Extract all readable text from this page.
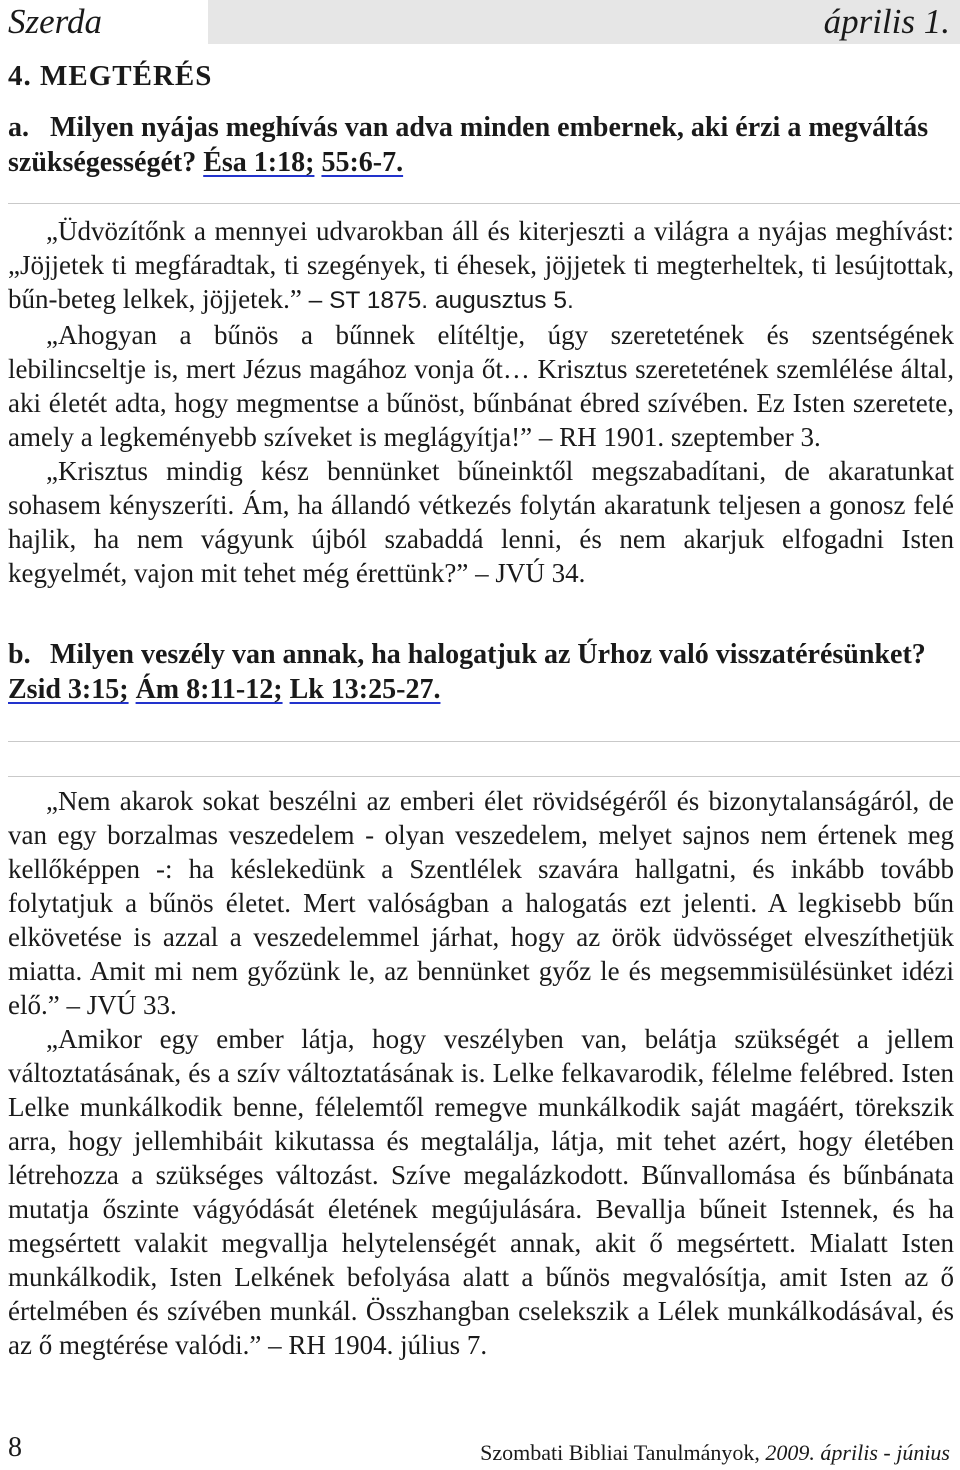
Szerda	április 1.
4. MEGTÉRÉS
a. Milyen nyájas meghívás van adva minden embernek, aki érzi a megváltás szükségességét? Ésa 1:18; 55:6-7.

„Üdvözítőnk a mennyei udvarokban áll és kiterjeszti a világra a nyájas meghívást: „Jöjjetek ti megfáradtak, ti szegények, ti éhesek, jöjjetek ti megterheltek, ti lesújtottak, bűn-beteg lelkek, jöjjetek.” – ST 1875. augusztus 5.

„Ahogyan a bűnös a bűnnek elítéltje, úgy szeretetének és szentségének lebilincseltje is, mert Jézus magához vonja őt… Krisztus szeretetének szemlélése által, aki életét adta, hogy megmentse a bűnöst, bűnbánat ébred szívében. Ez Isten szeretete, amely a legkeményebb szíveket is meglágyítja!” – RH 1901. szeptember 3.

„Krisztus mindig kész bennünket bűneinktől megszabadítani, de akaratunkat sohasem kényszeríti. Ám, ha állandó vétkezés folytán akaratunk teljesen a gonosz felé hajlik, ha nem vágyunk újból szabaddá lenni, és nem akarjuk elfogadni Isten kegyelmét, vajon mit tehet még érettünk?” – JVÚ 34.

b. Milyen veszély van annak, ha halogatjuk az Úrhoz való visszatérésünket? Zsid 3:15; Ám 8:11-12; Lk 13:25-27.

„Nem akarok sokat beszélni az emberi élet rövidségéről és bizonytalanságáról, de van egy borzalmas veszedelem - olyan veszedelem, melyet sajnos nem értenek meg kellőképpen -: ha késlekedünk a Szentlélek szavára hallgatni, és inkább tovább folytatjuk a bűnös életet. Mert valóságban a halogatás ezt jelenti. A legkisebb bűn elkövetése is azzal a veszedelemmel járhat, hogy az örök üdvösséget elveszíthetjük miatta. Amit mi nem győzünk le, az bennünket győz le és megsemmisülésünket idézi elő.” – JVÚ 33.

„Amikor egy ember látja, hogy veszélyben van, belátja szükségét a jellem változtatásának, és a szív változtatásának is. Lelke felkavarodik, félelme felébred. Isten Lelke munkálkodik benne, félelemtől remegve munkálkodik saját magáért, törekszik arra, hogy jellemhibáit kikutassa és megtalálja, látja, mit tehet azért, hogy életében létrehozza a szükséges változást. Szíve megalázkodott. Bűnvallomása és bűnbánata mutatja őszinte vágyódását életének megújulására. Bevallja bűneit Istennek, és ha megsértett valakit megvallja helytelenségét annak, akit ő megsértett. Mialatt Isten munkálkodik, Isten Lelkének befolyása alatt a bűnös megvalósítja, amit Isten az ő értelmében és szívében munkál. Összhangban cselekszik a Lélek munkálkodásával, és az ő megtérése valódi.” – RH 1904. július 7.

8	Szombati Bibliai Tanulmányok, 2009. április - június
